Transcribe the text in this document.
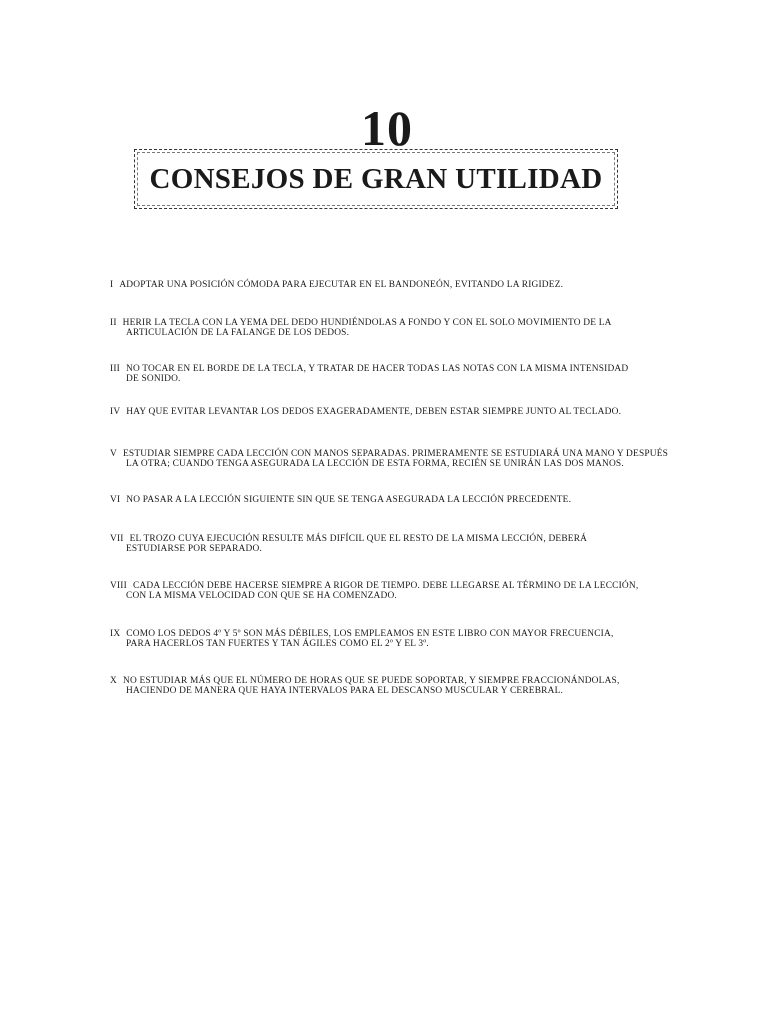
10
CONSEJOS DE GRAN UTILIDAD
I ADOPTAR UNA POSICIÓN CÓMODA PARA EJECUTAR EN EL BANDONEÓN, EVITANDO LA RIGIDEZ.
II HERIR LA TECLA CON LA YEMA DEL DEDO HUNDIÉNDOLAS A FONDO Y CON EL SOLO MOVIMIENTO DE LA
ARTICULACIÓN DE LA FALANGE DE LOS DEDOS.
III NO TOCAR EN EL BORDE DE LA TECLA, Y TRATAR DE HACER TODAS LAS NOTAS CON LA MISMA INTENSIDAD
DE SONIDO.
IV HAY QUE EVITAR LEVANTAR LOS DEDOS EXAGERADAMENTE, DEBEN ESTAR SIEMPRE JUNTO AL TECLADO.
V ESTUDIAR SIEMPRE CADA LECCIÓN CON MANOS SEPARADAS. PRIMERAMENTE SE ESTUDIARÁ UNA MANO Y DESPUÉS
LA OTRA; CUANDO TENGA ASEGURADA LA LECCIÓN DE ESTA FORMA, RECIÉN SE UNIRÁN LAS DOS MANOS.
VI NO PASAR A LA LECCIÓN SIGUIENTE SIN QUE SE TENGA ASEGURADA LA LECCIÓN PRECEDENTE.
VII EL TROZO CUYA EJECUCIÓN RESULTE MÁS DIFÍCIL QUE EL RESTO DE LA MISMA LECCIÓN, DEBERÁ
ESTUDIARSE POR SEPARADO.
VIII CADA LECCIÓN DEBE HACERSE SIEMPRE A RIGOR DE TIEMPO. DEBE LLEGARSE AL TÉRMINO DE LA LECCIÓN,
CON LA MISMA VELOCIDAD CON QUE SE HA COMENZADO.
IX COMO LOS DEDOS 4º Y 5º SON MÁS DÉBILES, LOS EMPLEAMOS EN ESTE LIBRO CON MAYOR FRECUENCIA,
PARA HACERLOS TAN FUERTES Y TAN ÁGILES COMO EL 2º Y EL 3º.
X NO ESTUDIAR MÁS QUE EL NÚMERO DE HORAS QUE SE PUEDE SOPORTAR, Y SIEMPRE FRACCIONÁNDOLAS,
HACIENDO DE MANERA QUE HAYA INTERVALOS PARA EL DESCANSO MUSCULAR Y CEREBRAL.
